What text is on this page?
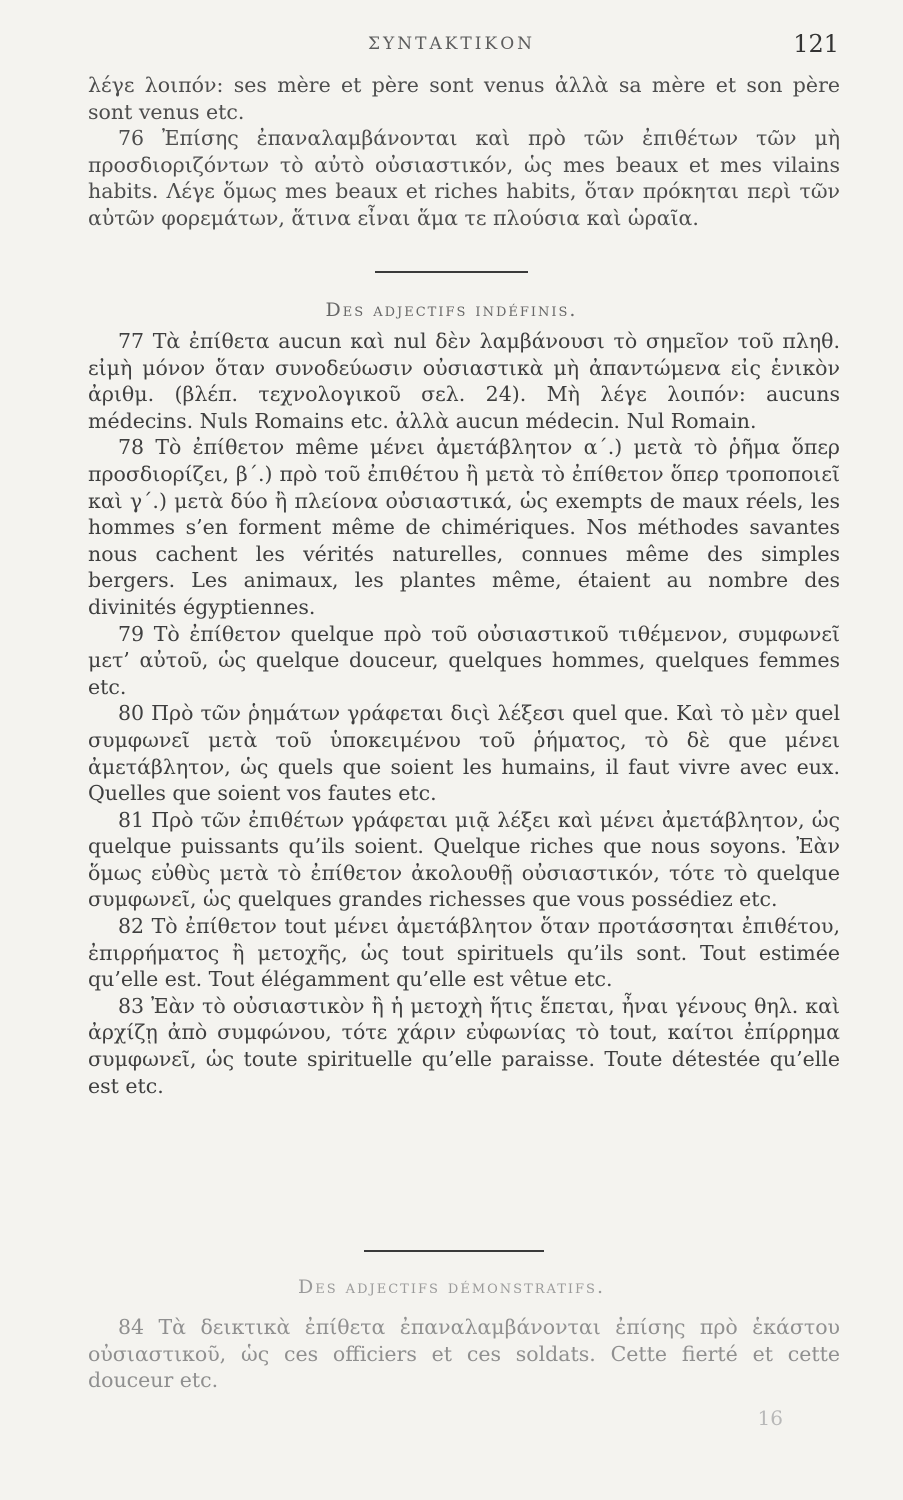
ΣΥΝΤΑΚΤΙΚΟΝ	121

λέγε λοιπόν: ses mère et père sont venus ἀλλὰ sa mère et son père sont venus etc.

76 Ἐπίσης ἐπαναλαμβάνονται καὶ πρὸ τῶν ἐπιθέτων τῶν μὴ προσδιοριζόντων τὸ αὐτὸ οὐσιαστικόν, ὡς mes beaux et mes vilains habits. Λέγε ὅμως mes beaux et riches habits, ὅταν πρόκηται περὶ τῶν αὐτῶν φορεμάτων, ἅτινα εἶναι ἅμα τε πλούσια καὶ ὡραῖα.

Des adjectifs indéfinis.

77 Τὰ ἐπίθετα aucun καὶ nul δὲν λαμβάνουσι τὸ σημεῖον τοῦ πληθ. εἰμὴ μόνον ὅταν συνοδεύωσιν οὐσιαστικὰ μὴ ἀπαντώμενα εἰς ἑνικὸν ἀριθμ. (βλέπ. τεχνολογικοῦ σελ. 24). Μὴ λέγε λοιπόν: aucuns médecins. Nuls Romains etc. ἀλλὰ aucun médecin. Nul Romain.

78 Τὸ ἐπίθετον même μένει ἀμετάβλητον α΄.) μετὰ τὸ ῥῆμα ὅπερ προσδιορίζει, β΄.) πρὸ τοῦ ἐπιθέτου ἢ μετὰ τὸ ἐπίθετον ὅπερ τροποποιεῖ καὶ γ΄.) μετὰ δύο ἢ πλείονα οὐσιαστικά, ὡς exempts de maux réels, les hommes s’en forment même de chimériques. Nos méthodes savantes nous cachent les vérités naturelles, connues même des simples bergers. Les animaux, les plantes même, étaient au nombre des divinités égyptiennes.

79 Τὸ ἐπίθετον quelque πρὸ τοῦ οὐσιαστικοῦ τιθέμενον, συμφωνεῖ μετ’ αὐτοῦ, ὡς quelque douceur, quelques hommes, quelques femmes etc.

80 Πρὸ τῶν ῥημάτων γράφεται διςὶ λέξεσι quel que. Καὶ τὸ μὲν quel συμφωνεῖ μετὰ τοῦ ὑποκειμένου τοῦ ῥήματος, τὸ δὲ que μένει ἀμετάβλητον, ὡς quels que soient les humains, il faut vivre avec eux. Quelles que soient vos fautes etc.

81 Πρὸ τῶν ἐπιθέτων γράφεται μιᾷ λέξει καὶ μένει ἀμετάβλητον, ὡς quelque puissants qu’ils soient. Quelque riches que nous soyons. Ἐὰν ὅμως εὐθὺς μετὰ τὸ ἐπίθετον ἀκολουθῇ οὐσιαστικόν, τότε τὸ quelque συμφωνεῖ, ὡς quelques grandes richesses que vous possédiez etc.

82 Τὸ ἐπίθετον tout μένει ἀμετάβλητον ὅταν προτάσσηται ἐπιθέτου, ἐπιρρήματος ἢ μετοχῆς, ὡς tout spirituels qu’ils sont. Tout estimée qu’elle est. Tout élégamment qu’elle est vêtue etc.

83 Ἐὰν τὸ οὐσιαστικὸν ἢ ἡ μετοχὴ ἥτις ἕπεται, ἦναι γένους θηλ. καὶ ἀρχίζῃ ἀπὸ συμφώνου, τότε χάριν εὐφωνίας τὸ tout, καίτοι ἐπίρρημα συμφωνεῖ, ὡς toute spirituelle qu’elle paraisse. Toute détestée qu’elle est etc.

Des adjectifs démonstratifs.

84 Τὰ δεικτικὰ ἐπίθετα ἐπαναλαμβάνονται ἐπίσης πρὸ ἑκάστου οὐσιαστικοῦ, ὡς ces officiers et ces soldats. Cette fierté et cette douceur etc.

16
